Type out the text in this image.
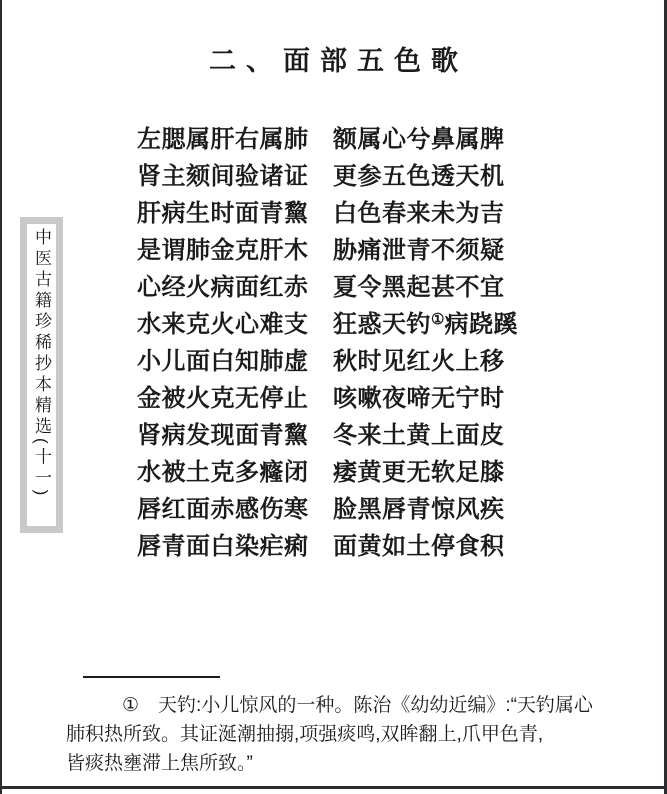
二、面部五色歌
中医古籍珍稀抄本精选(十一)
左腮属肝右属肺 额属心兮鼻属脾
肾主颏间验诸证 更参五色透天机
肝病生时面青黧 白色春来未为吉
是谓肺金克肝木 胁痛泄青不须疑
心经火病面红赤 夏令黑起甚不宜
水来克火心难支 狂惑天钓①病跷蹊
小儿面白知肺虚 秋时见红火上移
金被火克无停止 咳嗽夜啼无宁时
肾病发现面青黧 冬来土黄上面皮
水被土克多癃闭 痿黄更无软足膝
唇红面赤感伤寒 脸黑唇青惊风疾
唇青面白染疟痢 面黄如土停食积
① 天钓:小儿惊风的一种。陈治《幼幼近编》:“天钓属心
肺积热所致。其证涎潮抽搦,项强痰鸣,双眸翻上,爪甲色青,
皆痰热壅滞上焦所致。”
